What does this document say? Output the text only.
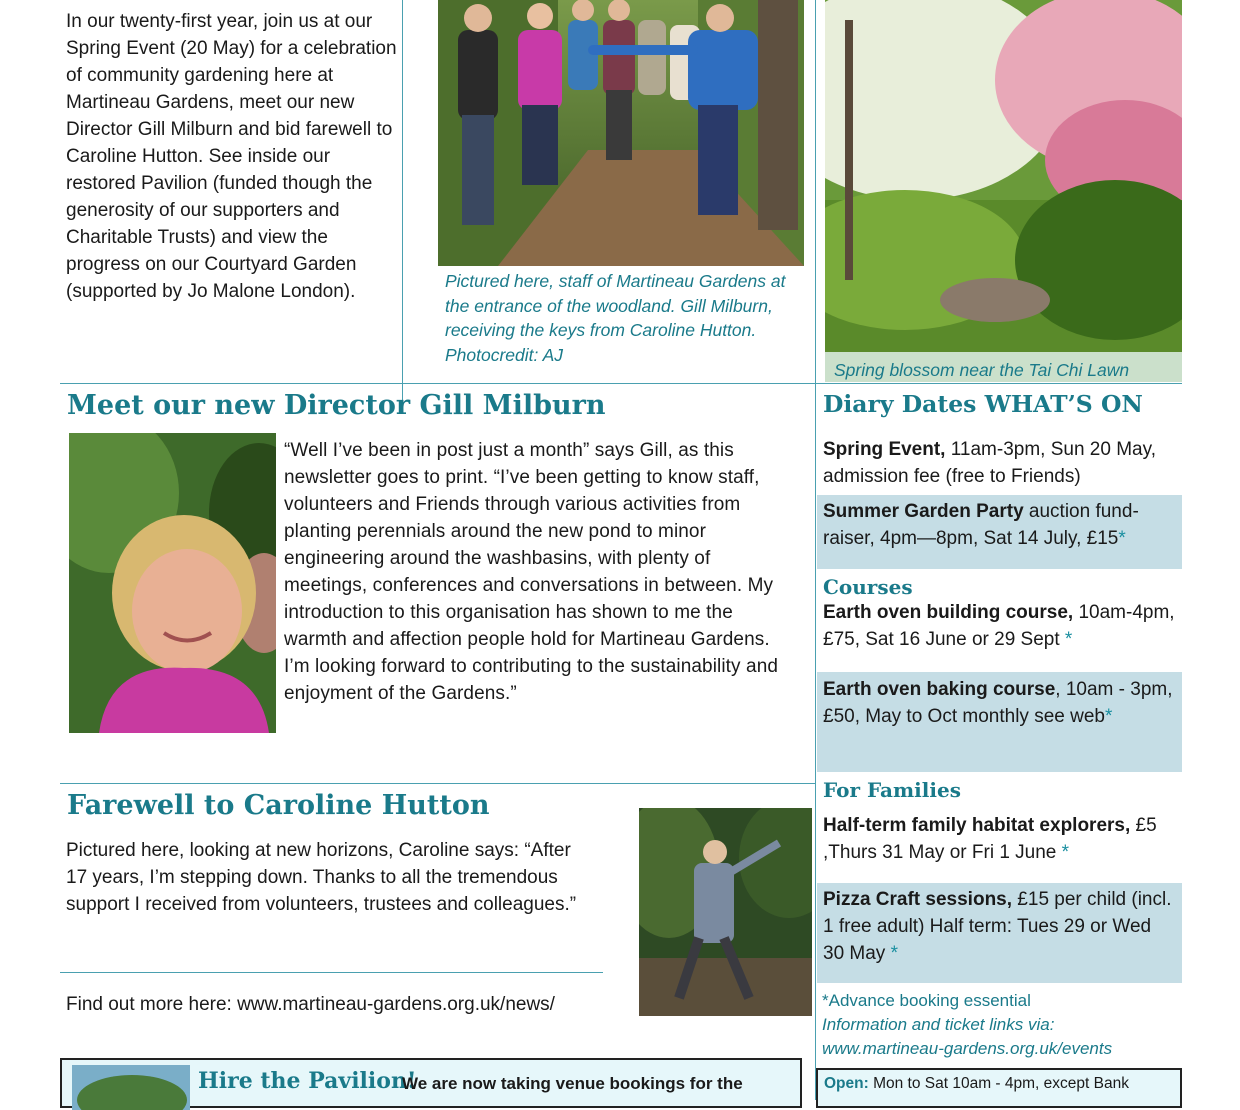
In our twenty-first year, join us at our Spring Event (20 May) for a celebration of community gardening here at Martineau Gardens, meet our new Director Gill Milburn and bid farewell to Caroline Hutton. See inside our restored Pavilion (funded though the generosity of our supporters and Charitable Trusts) and view the progress on our Courtyard Garden (supported by Jo Malone London).	Pictured here, staff of Martineau Gardens at the entrance of the woodland. Gill Milburn, receiving the keys from Caroline Hutton. Photocredit: AJ
Spring blossom near the Tai Chi Lawn
Meet our new Director Gill Milburn
“Well I’ve been in post just a month” says Gill, as this newsletter goes to print. “I’ve been getting to know staff, volunteers and Friends through various activities from planting perennials around the new pond to minor engineering around the washbasins, with plenty of meetings, conferences and conversations in between. My introduction to this organisation has shown to me the warmth and affection people hold for Martineau Gardens. I’m looking forward to contributing to the sustainability and enjoyment of the Gardens.”
Farewell to Caroline Hutton
Pictured here, looking at new horizons, Caroline says: “After 17 years, I’m stepping down. Thanks to all the tremendous support I received from volunteers, trustees and colleagues.”
Find out more here: www.martineau-gardens.org.uk/news/
Hire the Pavilion!
We are now taking venue bookings for the
Diary Dates WHAT’S ON
Spring Event, 11am-3pm, Sun 20 May, admission fee (free to Friends)
Summer Garden Party auction fund-raiser, 4pm—8pm, Sat 14 July, £15*
Courses
Earth oven building course, 10am-4pm, £75, Sat 16 June or 29 Sept *
Earth oven baking course, 10am - 3pm, £50, May to Oct monthly see web*
For Families
Half-term family habitat explorers, £5 ,Thurs 31 May or Fri 1 June *
Pizza Craft sessions, £15 per child (incl. 1 free adult) Half term: Tues 29 or Wed 30 May *
*Advance booking essential
Information and ticket links via:
www.martineau-gardens.org.uk/events
Open: Mon to Sat 10am - 4pm, except Bank
